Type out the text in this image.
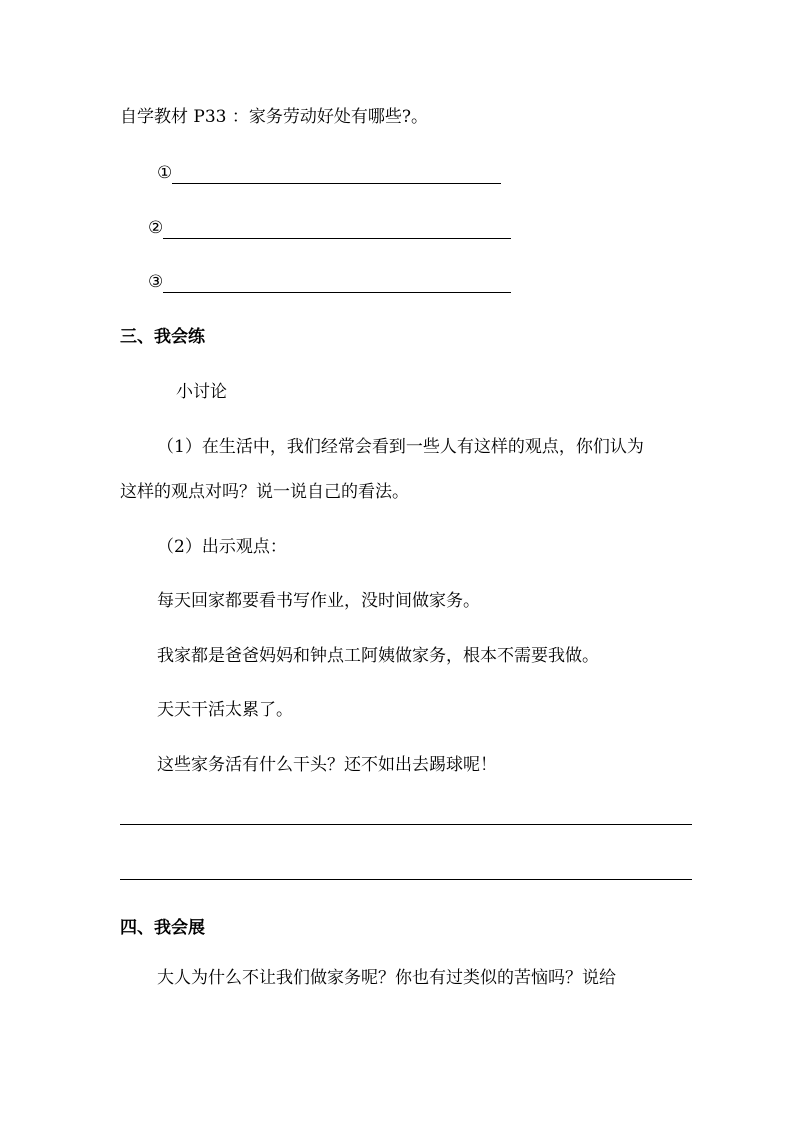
自学教材 P33 ：家务劳动好处有哪些?。
①
②
③
三、我会练
小讨论
（1）在生活中，我们经常会看到一些人有这样的观点，你们认为
这样的观点对吗？说一说自己的看法。
（2）出示观点：
每天回家都要看书写作业，没时间做家务。
我家都是爸爸妈妈和钟点工阿姨做家务，根本不需要我做。
天天干活太累了。
这些家务活有什么干头？还不如出去踢球呢！
四、我会展
大人为什么不让我们做家务呢？你也有过类似的苦恼吗？说给
